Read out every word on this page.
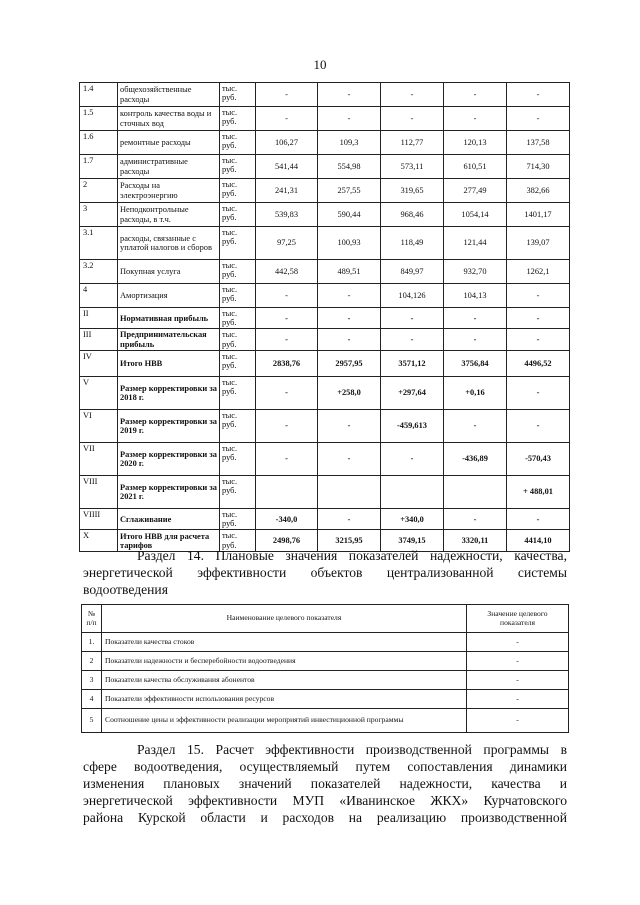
10
1.4	общехозяйственные расходы	тыс. руб.	-	-	-	-	-
1.5	контроль качества воды и сточных вод	тыс. руб.	-	-	-	-	-
1.6	ремонтные расходы	тыс. руб.	106,27	109,3	112,77	120,13	137,58
1.7	административные расходы	тыс. руб.	541,44	554,98	573,11	610,51	714,30
2	Расходы на электроэнергию	тыс. руб.	241,31	257,55	319,65	277,49	382,66
3	Неподконтрольные расходы, в т.ч.	тыс. руб.	539,83	590,44	968,46	1054,14	1401,17
3.1	расходы, связанные с уплатой налогов и сборов	тыс. руб.	97,25	100,93	118,49	121,44	139,07
3.2	Покупная услуга	тыс. руб.	442,58	489,51	849,97	932,70	1262,1
4	Амортизация	тыс. руб.	-	-	104,126	104,13	-
II	Нормативная прибыль	тыс. руб.	-	-	-	-	-
III	Предпринимательская прибыль	тыс. руб.	-	-	-	-	-
IV	Итого НВВ	тыс. руб.	2838,76	2957,95	3571,12	3756,84	4496,52
V	Размер корректировки за 2018 г.	тыс. руб.	-	+258,0	+297,64	+0,16	-
VI	Размер корректировки за 2019 г.	тыс. руб.	-	-	-459,613	-	-
VII	Размер корректировки за 2020 г.	тыс. руб.	-	-	-	-436,89	-570,43
VIII	Размер корректировки за 2021 г.	тыс. руб.					+ 488,01
VIIII	Сглаживание	тыс. руб.	-340,0	-	+340,0	-	-
X	Итого НВВ для расчета тарифов	тыс. руб.	2498,76	3215,95	3749,15	3320,11	4414,10

Раздел 14. Плановые значения показателей надежности, качества,

энергетической эффективности объектов централизованной системы

водоотведения

№ п/п	Наименование целевого показателя	Значение целевого показателя
1.	Показатели качества стоков	-
2	Показатели надежности и бесперебойности водоотведения	-
3	Показатели качества обслуживания абонентов	-
4	Показатели эффективности использования ресурсов	-
5	Соотношение цены и эффективности реализации мероприятий инвестиционной программы	-

Раздел 15. Расчет эффективности производственной программы в

сфере водоотведения, осуществляемый путем сопоставления динамики

изменения плановых значений показателей надежности, качества и

энергетической эффективности МУП «Иванинское ЖКХ» Курчатовского

района Курской области и расходов на реализацию производственной
